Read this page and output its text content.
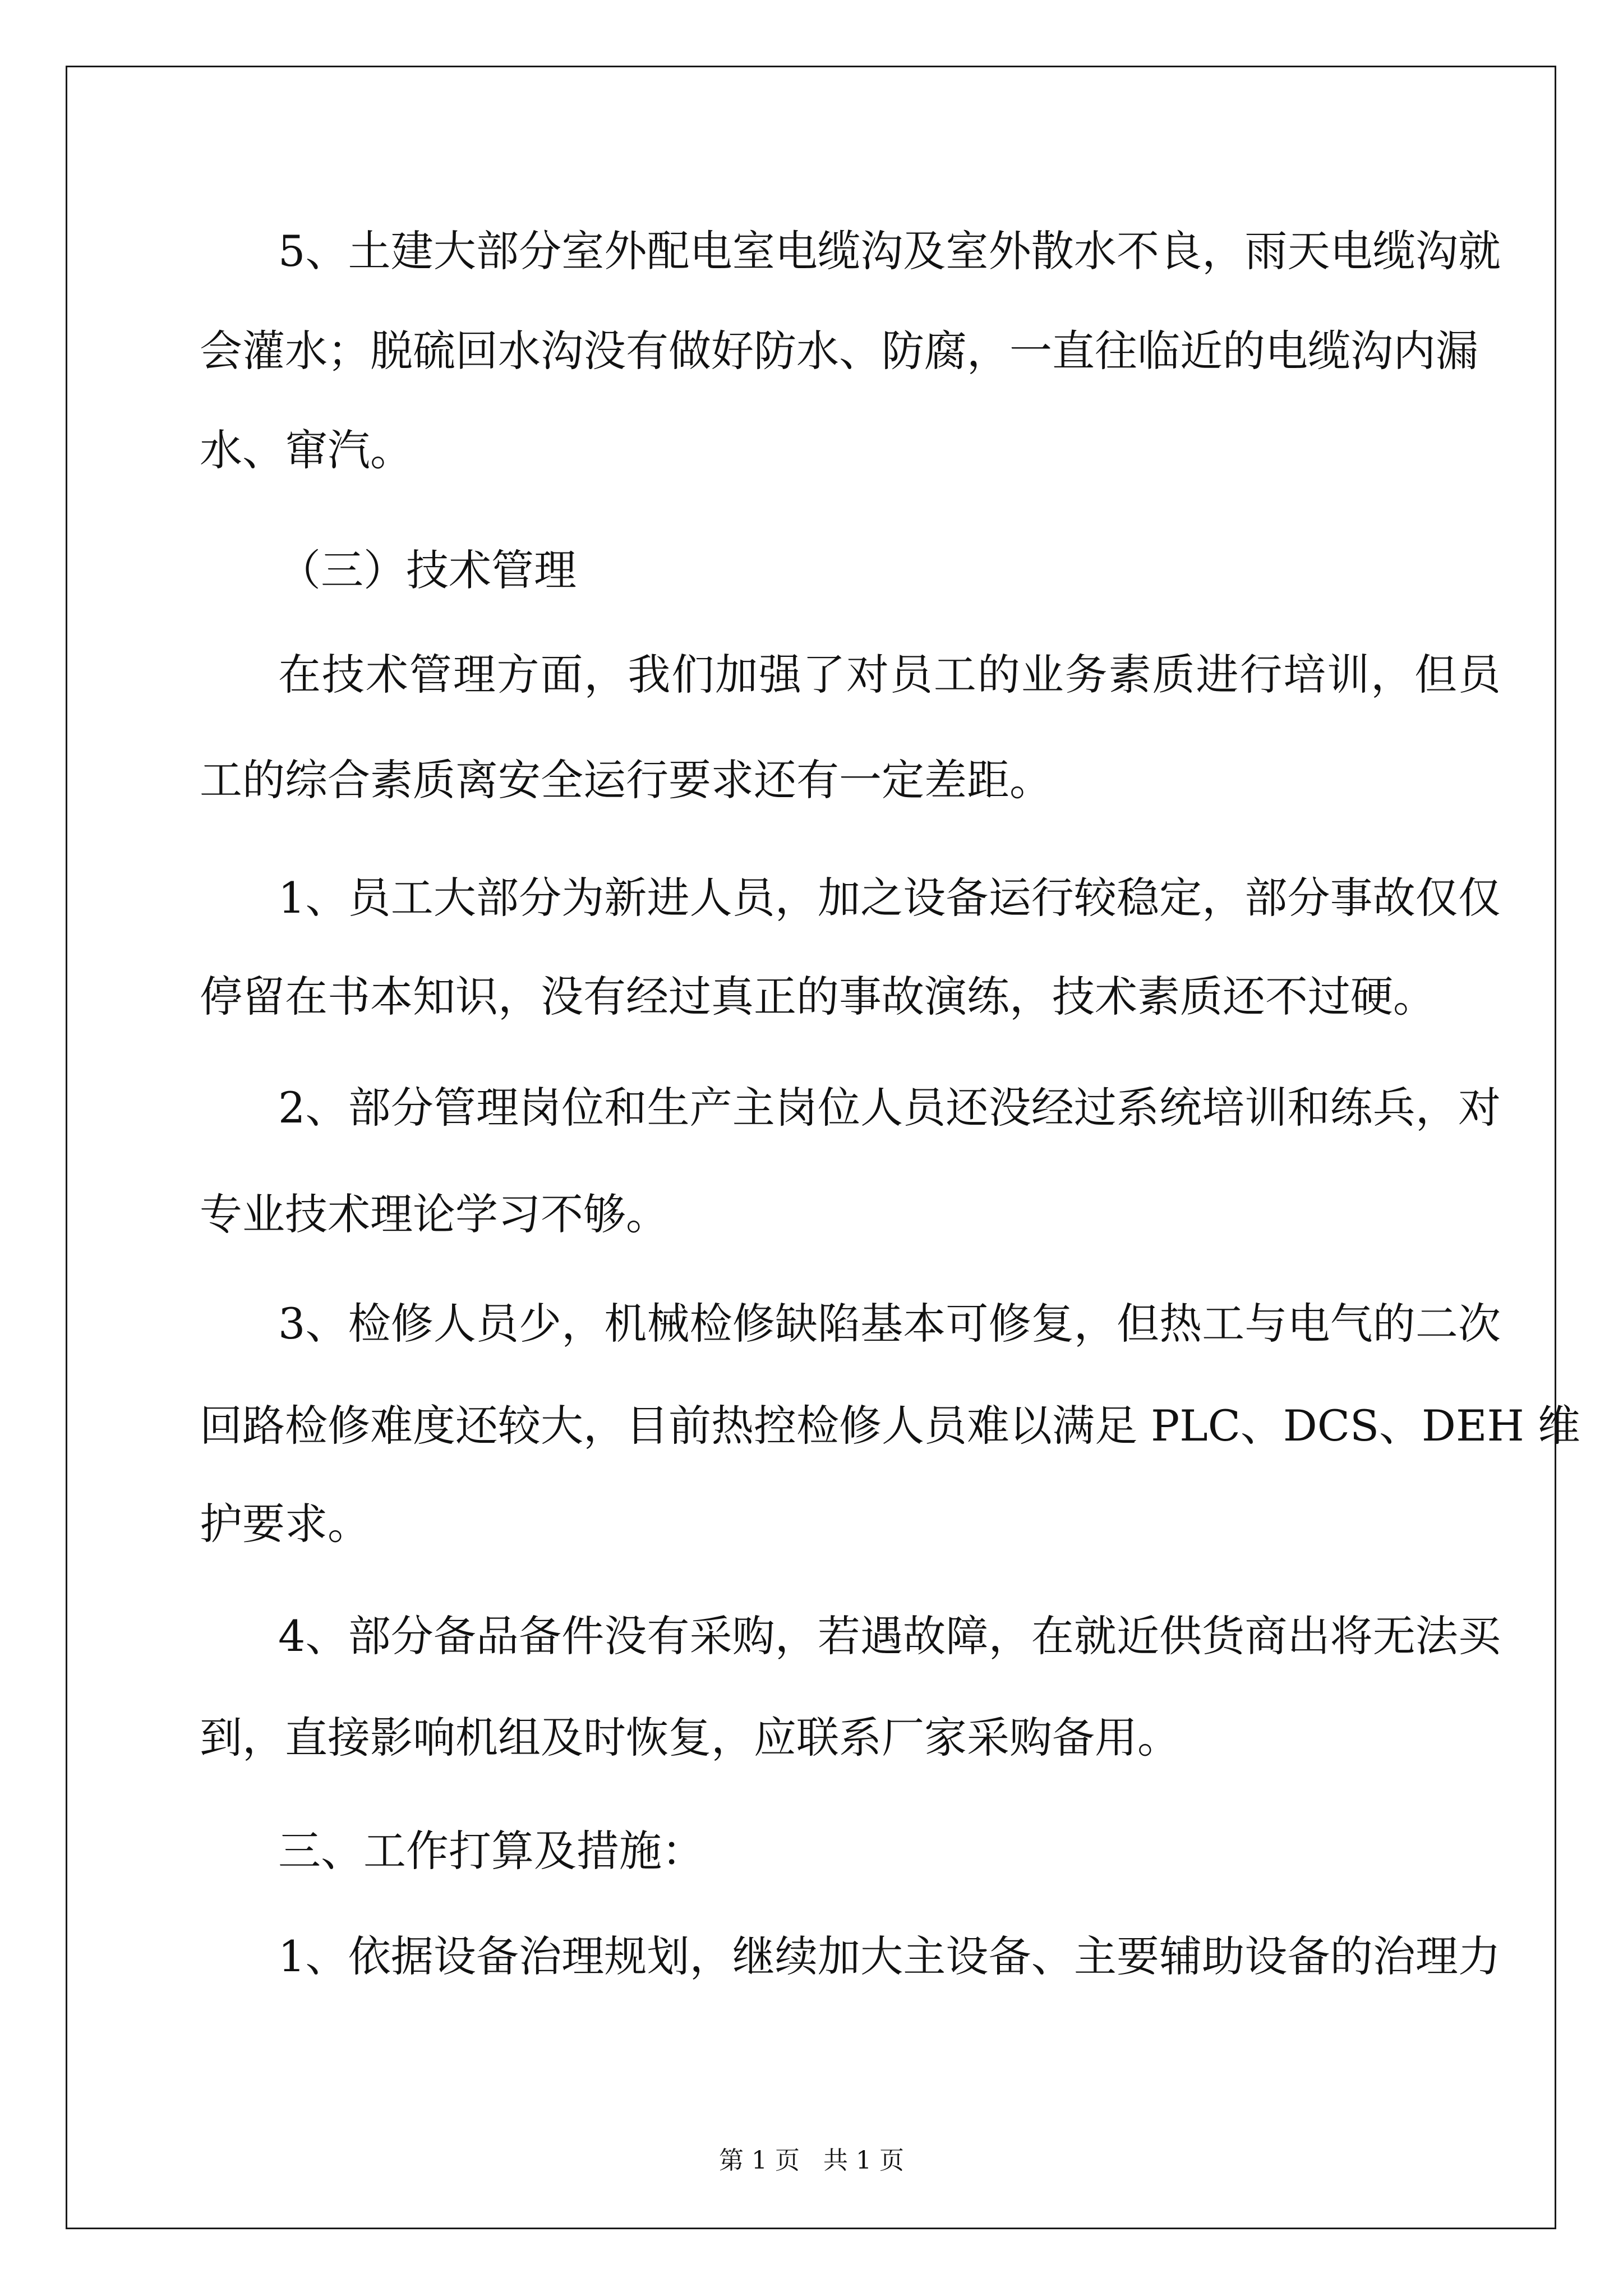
5、土建大部分室外配电室电缆沟及室外散水不良，雨天电缆沟就

会灌水；脱硫回水沟没有做好防水、防腐，一直往临近的电缆沟内漏

水、窜汽。

（三）技术管理

在技术管理方面，我们加强了对员工的业务素质进行培训，但员

工的综合素质离安全运行要求还有一定差距。

1、员工大部分为新进人员，加之设备运行较稳定，部分事故仅仅

停留在书本知识，没有经过真正的事故演练，技术素质还不过硬。

2、部分管理岗位和生产主岗位人员还没经过系统培训和练兵，对

专业技术理论学习不够。

3、检修人员少，机械检修缺陷基本可修复，但热工与电气的二次

回路检修难度还较大，目前热控检修人员难以满足 PLC、DCS、DEH 维

护要求。

4、部分备品备件没有采购，若遇故障，在就近供货商出将无法买

到，直接影响机组及时恢复，应联系厂家采购备用。

三、工作打算及措施：

1、依据设备治理规划，继续加大主设备、主要辅助设备的治理力

第 1 页   共 1 页
